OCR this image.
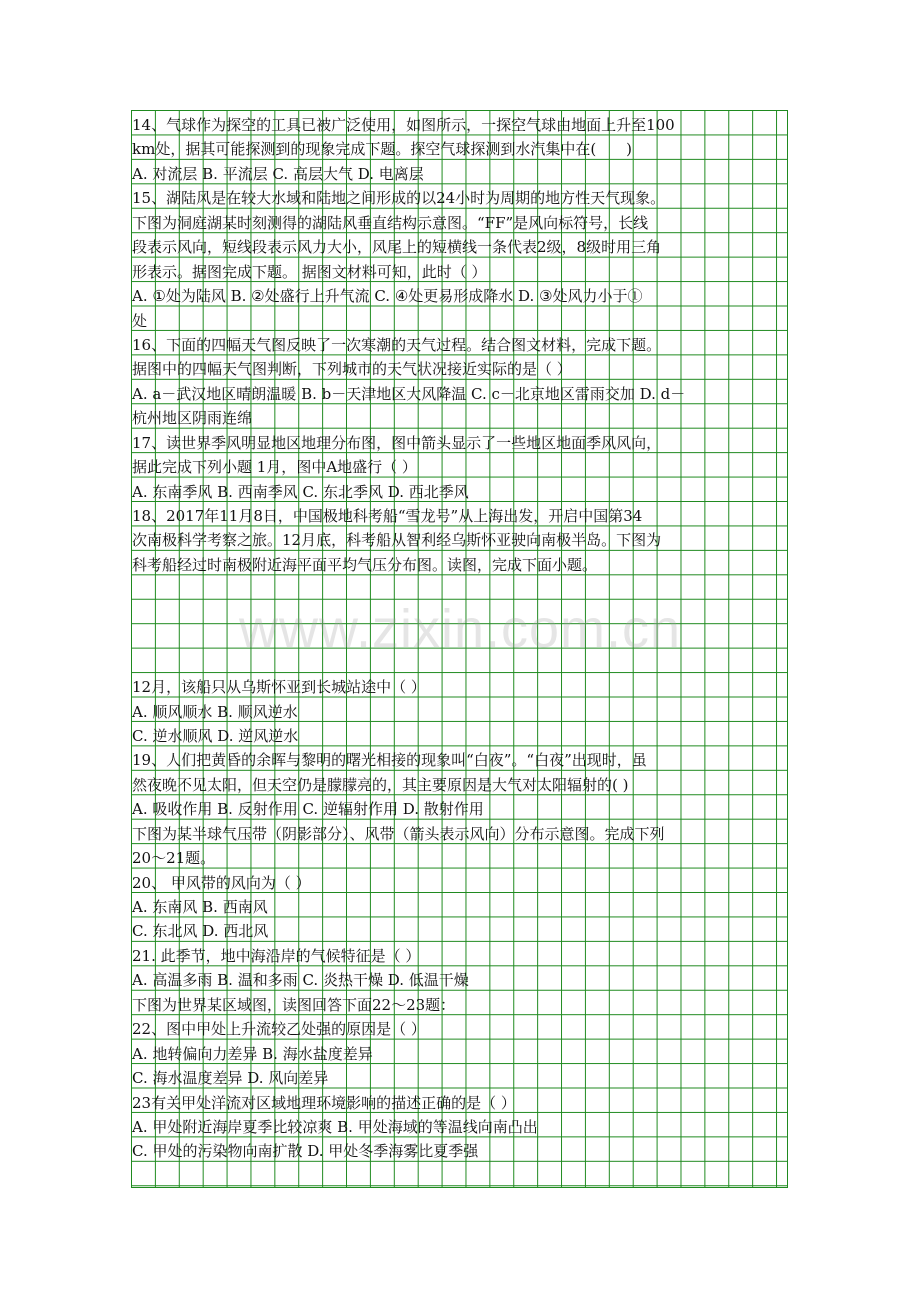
14、气球作为探空的工具已被广泛使用，如图所示，一探空气球由地面上升至100
km处，据其可能探测到的现象完成下题。探空气球探测到水汽集中在(　　)
A. 对流层 B. 平流层 C. 高层大气 D. 电离层
15、湖陆风是在较大水域和陆地之间形成的以24小时为周期的地方性天气现象。
下图为洞庭湖某时刻测得的湖陆风垂直结构示意图。“FF”是风向标符号，长线
段表示风向，短线段表示风力大小，风尾上的短横线一条代表2级，8级时用三角
形表示。据图完成下题。 据图文材料可知，此时（ ）
A. ①处为陆风 B. ②处盛行上升气流 C. ④处更易形成降水 D. ③处风力小于①
处
16、下面的四幅天气图反映了一次寒潮的天气过程。结合图文材料，完成下题。
据图中的四幅天气图判断，下列城市的天气状况接近实际的是（ ）
A. a－武汉地区晴朗温暖 B. b－天津地区大风降温 C. c－北京地区雷雨交加 D. d－
杭州地区阴雨连绵
17、读世界季风明显地区地理分布图，图中箭头显示了一些地区地面季风风向，
据此完成下列小题 1月，图中A地盛行（ ）
A. 东南季风 B. 西南季风 C. 东北季风 D. 西北季风
18、2017年11月8日，中国极地科考船“雪龙号”从上海出发，开启中国第34
次南极科学考察之旅。12月底，科考船从智利经乌斯怀亚驶向南极半岛。下图为
科考船经过时南极附近海平面平均气压分布图。读图，完成下面小题。
12月，该船只从乌斯怀亚到长城站途中（ ）
A. 顺风顺水 B. 顺风逆水
C. 逆水顺风 D. 逆风逆水
19、人们把黄昏的余晖与黎明的曙光相接的现象叫“白夜”。“白夜”出现时，虽
然夜晚不见太阳，但天空仍是朦朦亮的，其主要原因是大气对太阳辐射的( )
A. 吸收作用 B. 反射作用 C. 逆辐射作用 D. 散射作用
下图为某半球气压带（阴影部分）、风带（箭头表示风向）分布示意图。完成下列
20～21题。
20、 甲风带的风向为（ ）
A. 东南风 B. 西南风
C. 东北风 D. 西北风
21. 此季节，地中海沿岸的气候特征是（ ）
A. 高温多雨 B. 温和多雨 C. 炎热干燥 D. 低温干燥
下图为世界某区域图，读图回答下面22～23题：
22、图中甲处上升流较乙处强的原因是（ ）
A. 地转偏向力差异 B. 海水盐度差异
C. 海水温度差异 D. 风向差异
23有关甲处洋流对区域地理环境影响的描述正确的是（ ）
A. 甲处附近海岸夏季比较凉爽 B. 甲处海域的等温线向南凸出
C. 甲处的污染物向南扩散 D. 甲处冬季海雾比夏季强
www.zixin.com.cn
